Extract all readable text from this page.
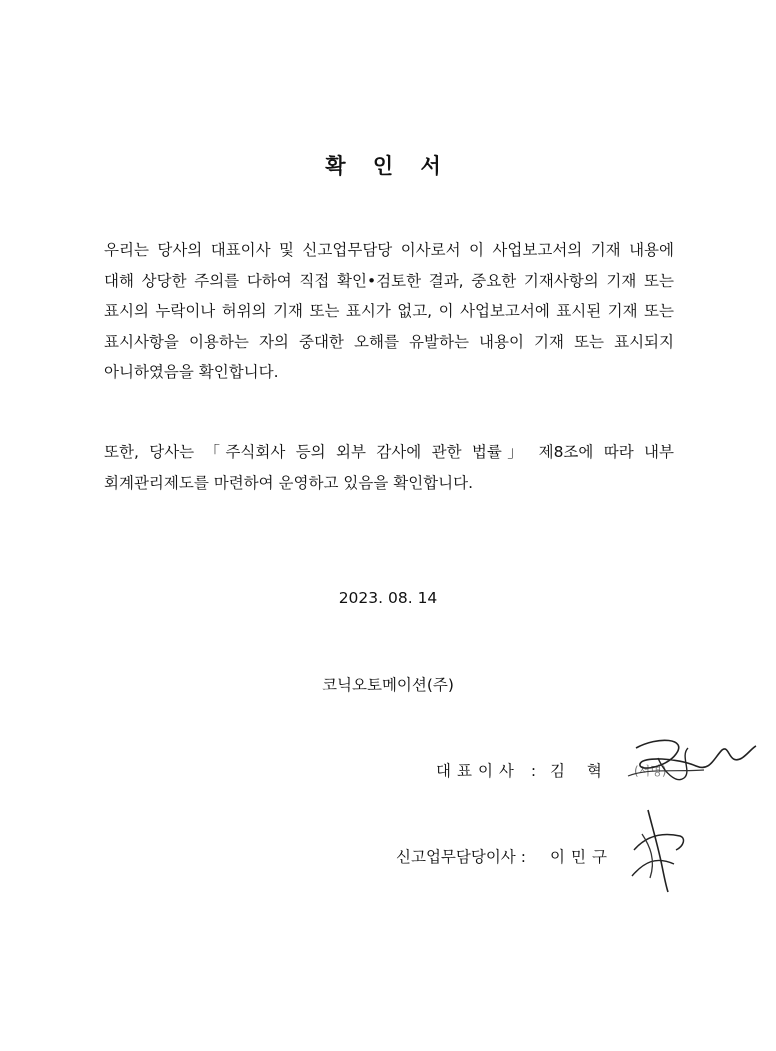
확 인 서
우리는 당사의 대표이사 및 신고업무담당 이사로서 이 사업보고서의 기재 내용에 대해 상당한 주의를 다하여 직접 확인•검토한 결과, 중요한 기재사항의 기재 또는 표시의 누락이나 허위의 기재 또는 표시가 없고, 이 사업보고서에 표시된 기재 또는 표시사항을 이용하는 자의 중대한 오해를 유발하는 내용이 기재 또는 표시되지 아니하였음을 확인합니다.
또한, 당사는 「주식회사 등의 외부 감사에 관한 법률」 제8조에 따라 내부 회계관리제도를 마련하여 운영하고 있음을 확인합니다.
2023. 08. 14
코닉오토메이션(주)
대표이사 : 김  혁 (서명)
신고업무담당이사 : 이민구
